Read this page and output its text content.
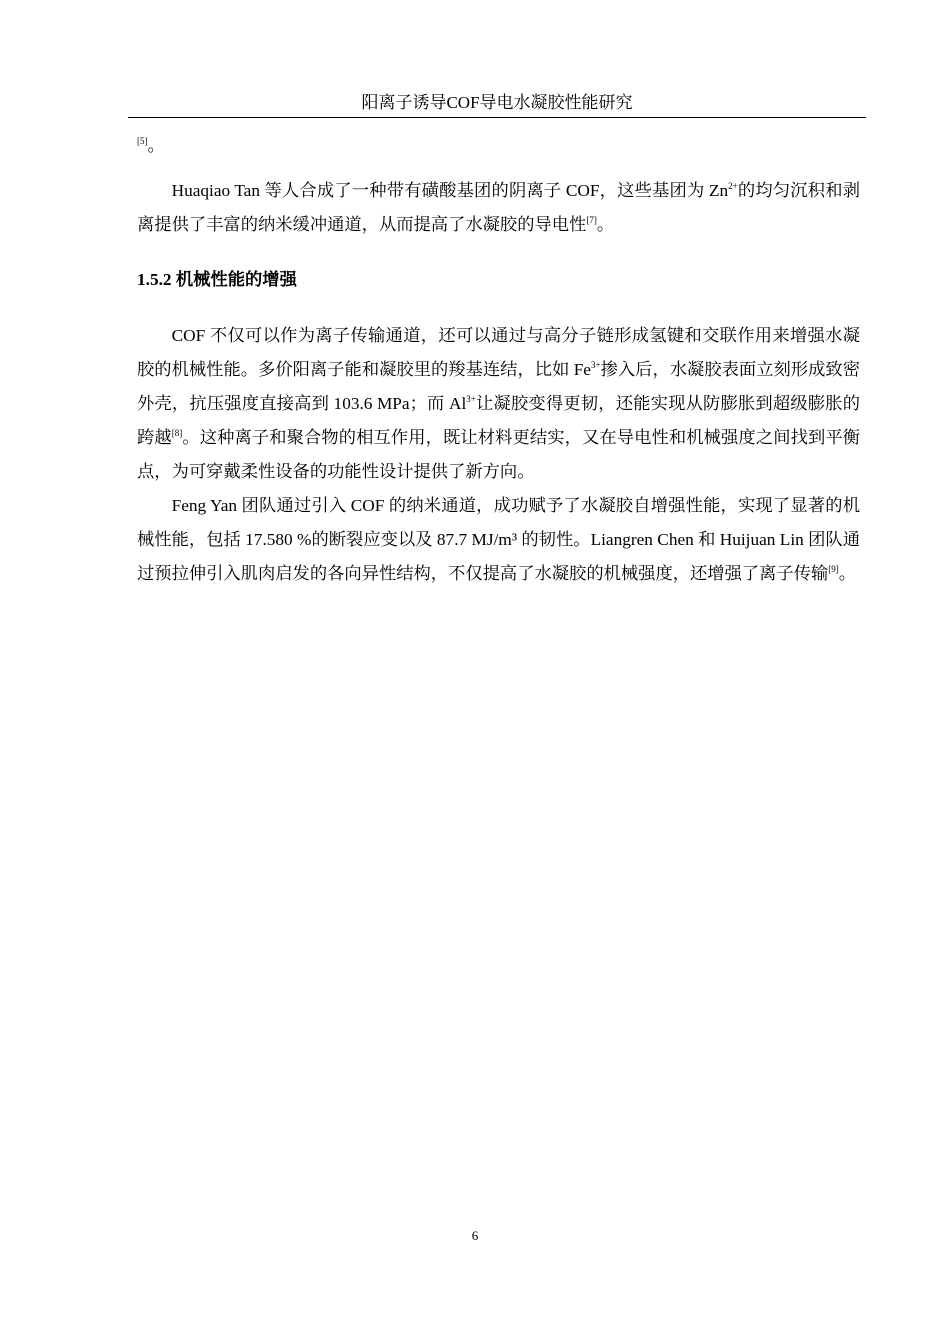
阳离子诱导COF导电水凝胶性能研究

[5]。

Huaqiao Tan 等人合成了一种带有磺酸基团的阴离子 COF，这些基团为 $Zn^{2+}$的均匀沉积和剥离提供了丰富的纳米缓冲通道，从而提高了水凝胶的导电性[7]。

1.5.2 机械性能的增强

COF 不仅可以作为离子传输通道，还可以通过与高分子链形成氢键和交联作用来增强水凝胶的机械性能。多价阳离子能和凝胶里的羧基连结，比如 $Fe^{3+}$掺入后，水凝胶表面立刻形成致密外壳，抗压强度直接高到 103.6 MPa；而 $Al^{3+}$让凝胶变得更韧，还能实现从防膨胀到超级膨胀的跨越[8]。这种离子和聚合物的相互作用，既让材料更结实，又在导电性和机械强度之间找到平衡点，为可穿戴柔性设备的功能性设计提供了新方向。

Feng Yan 团队通过引入 COF 的纳米通道，成功赋予了水凝胶自增强性能，实现了显著的机械性能，包括 17.580 %的断裂应变以及 87.7 MJ/m³ 的韧性。Liangren Chen 和 Huijuan Lin 团队通过预拉伸引入肌肉启发的各向异性结构，不仅提高了水凝胶的机械强度，还增强了离子传输[9]。

6
